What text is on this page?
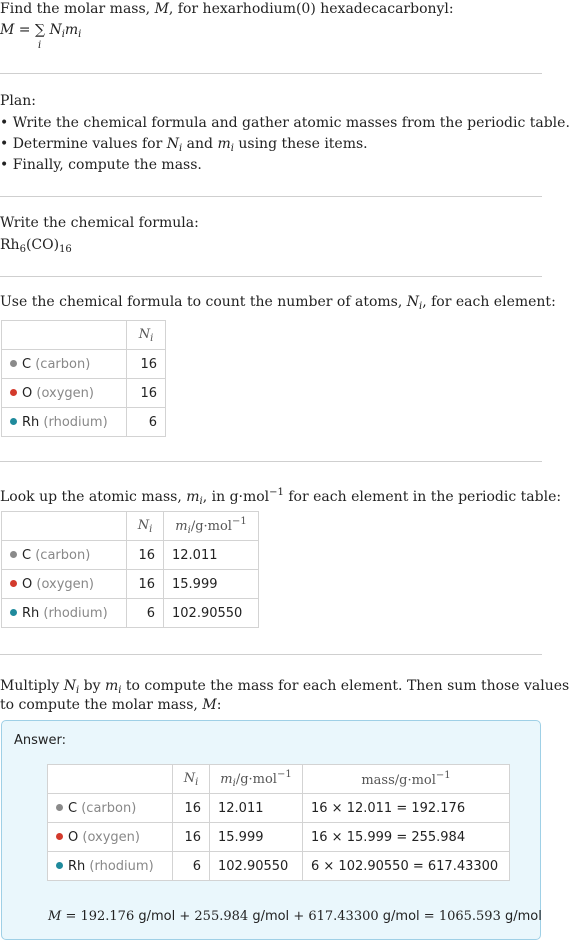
Find the molar mass, M, for hexarhodium(0) hexadecacarbonyl:
M = ∑
i
$N_im_i$
Plan:
• Write the chemical formula and gather atomic masses from the periodic table.
• Determine values for $N_i$ and $m_i$ using these items.
• Finally, compute the mass.
Write the chemical formula:
$Rh_6(CO)_{16}$
Use the chemical formula to count the number of atoms, $N_i$, for each element:
	$N_i$
C (carbon)	16
O (oxygen)	16
Rh (rhodium)	6
Look up the atomic mass, $m_i$, in g·mol$^{-1}$ for each element in the periodic table:
	$N_i$	$m_i/g\cdot mol^{-1}$
C (carbon)	16	12.011
O (oxygen)	16	15.999
Rh (rhodium)	6	102.90550
Multiply $N_i$ by $m_i$ to compute the mass for each element. Then sum those values
to compute the molar mass, M:
Answer:
	$N_i$	$m_i/g\cdot mol^{-1}$	mass/g·mol$^{-1}$
C (carbon)	16	12.011	16 × 12.011 = 192.176
O (oxygen)	16	15.999	16 × 15.999 = 255.984
Rh (rhodium)	6	102.90550	6 × 102.90550 = 617.43300
M = 192.176 g/mol + 255.984 g/mol + 617.43300 g/mol = 1065.593 g/mol
